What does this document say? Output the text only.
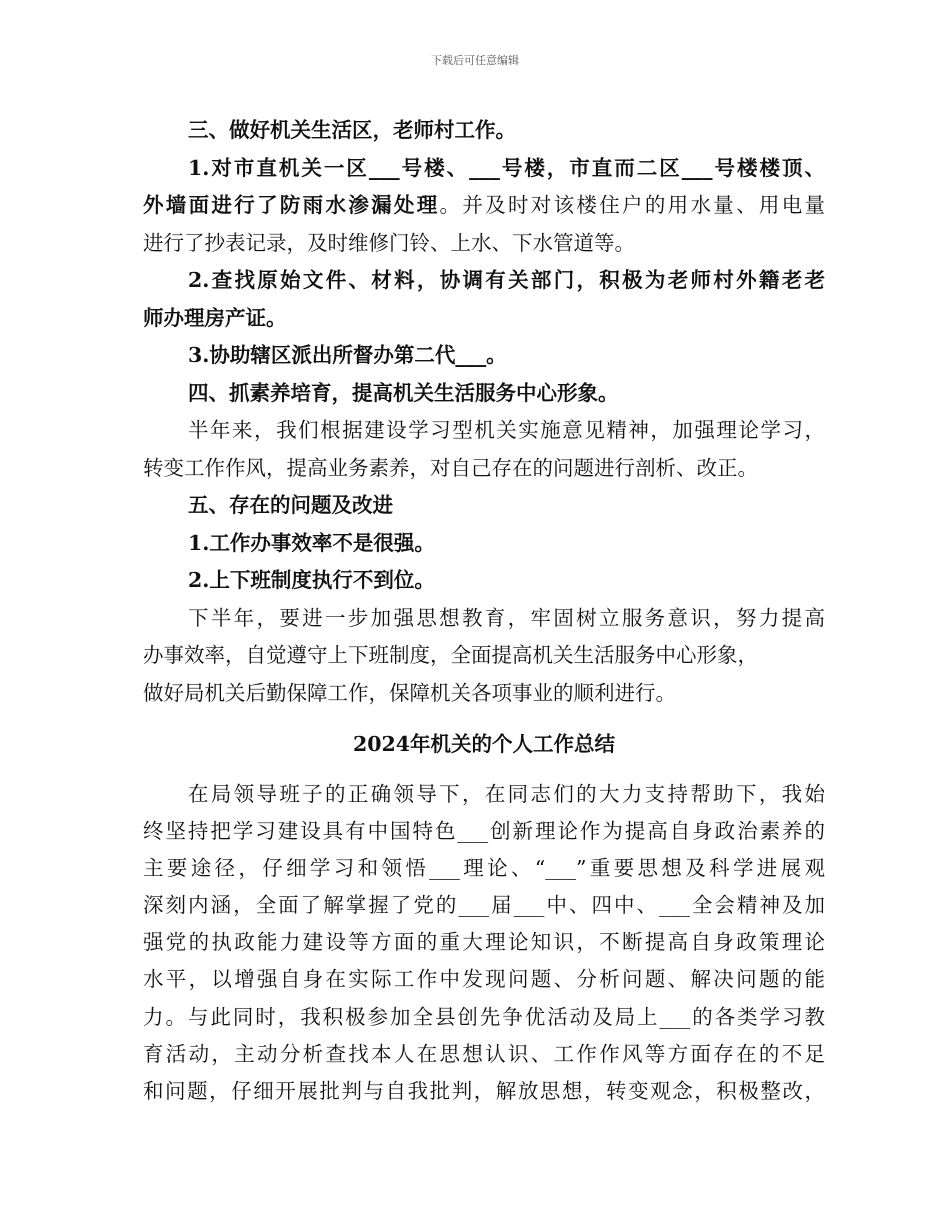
下载后可任意编辑
三、做好机关生活区，老师村工作。
1.对市直机关一区___号楼、___号楼，市直而二区___号楼楼顶、
外墙面进行了防雨水渗漏处理。并及时对该楼住户的用水量、用电量
进行了抄表记录，及时维修门铃、上水、下水管道等。
2.查找原始文件、材料，协调有关部门，积极为老师村外籍老老
师办理房产证。
3.协助辖区派出所督办第二代___。
四、抓素养培育，提高机关生活服务中心形象。
半年来，我们根据建设学习型机关实施意见精神，加强理论学习，
转变工作作风，提高业务素养，对自己存在的问题进行剖析、改正。
五、存在的问题及改进
1.工作办事效率不是很强。
2.上下班制度执行不到位。
下半年，要进一步加强思想教育，牢固树立服务意识，努力提高
办事效率，自觉遵守上下班制度，全面提高机关生活服务中心形象，
做好局机关后勤保障工作，保障机关各项事业的顺利进行。
2024年机关的个人工作总结
在局领导班子的正确领导下，在同志们的大力支持帮助下，我始
终坚持把学习建设具有中国特色___创新理论作为提高自身政治素养的
主要途径，仔细学习和领悟___理论、“___”重要思想及科学进展观
深刻内涵，全面了解掌握了党的___届___中、四中、___全会精神及加
强党的执政能力建设等方面的重大理论知识，不断提高自身政策理论
水平，以增强自身在实际工作中发现问题、分析问题、解决问题的能
力。与此同时，我积极参加全县创先争优活动及局上___的各类学习教
育活动，主动分析查找本人在思想认识、工作作风等方面存在的不足
和问题，仔细开展批判与自我批判，解放思想，转变观念，积极整改，
